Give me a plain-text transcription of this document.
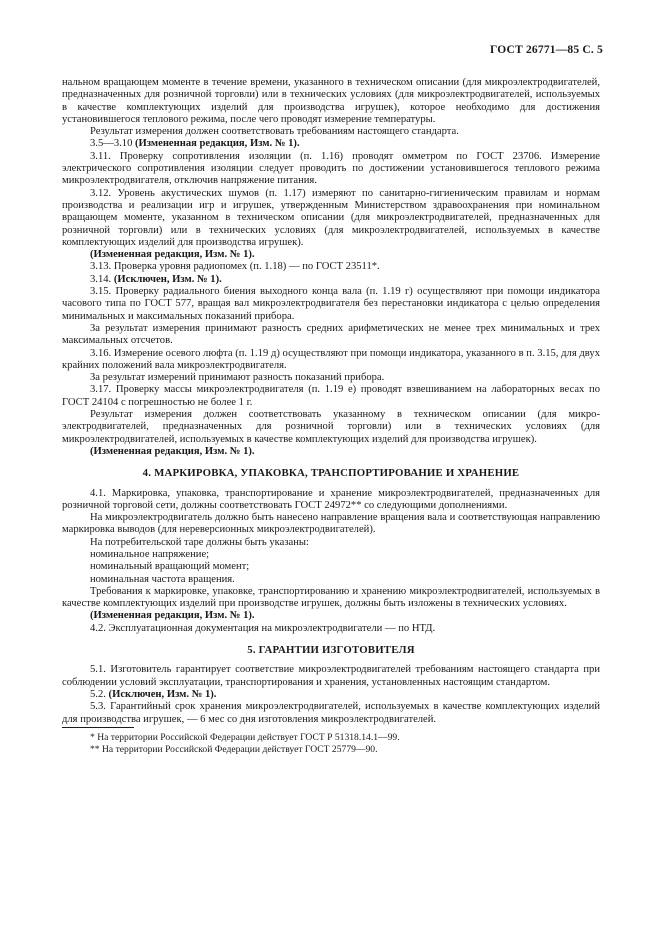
ГОСТ 26771—85 С. 5

нальном вращающем моменте в течение времени, указанного в техническом описании (для микроэлектродвигателей, предназначенных для розничной торговли) или в технических условиях (для микроэлектродвигателей, используемых в качестве комплектующих изделий для производства игрушек), которое необходимо для достижения установившегося теплового режима, после чего проводят измерение температуры.

Результат измерения должен соответствовать требованиям настоящего стандарта.

3.5—3.10 (Измененная редакция, Изм. № 1).

3.11. Проверку сопротивления изоляции (п. 1.16) проводят омметром по ГОСТ 23706. Измерение электрического сопротивления изоляции следует проводить по достижении установившегося теплового режима микроэлектродвигателя, отключив напряжение питания.

3.12. Уровень акустических шумов (п. 1.17) измеряют по санитарно-гигиеническим правилам и нормам производства и реализации игр и игрушек, утвержденным Министерством здравоохранения при номинальном вращающем моменте, указанном в техническом описании (для микроэлектродвигателей, предназначенных для розничной торговли) или в технических условиях (для микроэлектродвигателей, используемых в качестве комплектующих изделий для производства игрушек).

(Измененная редакция, Изм. № 1).

3.13. Проверка уровня радиопомех (п. 1.18) — по ГОСТ 23511*.

3.14. (Исключен, Изм. № 1).

3.15. Проверку радиального биения выходного конца вала (п. 1.19 г) осуществляют при помощи индикатора часового типа по ГОСТ 577, вращая вал микроэлектродвигателя без перестановки индикатора с целью определения минимальных и максимальных показаний прибора.

За результат измерения принимают разность средних арифметических не менее трех минимальных и трех максимальных отсчетов.

3.16. Измерение осевого люфта (п. 1.19 д) осуществляют при помощи индикатора, указанного в п. 3.15, для двух крайних положений вала микроэлектродвигателя.

За результат измерений принимают разность показаний прибора.

3.17. Проверку массы микроэлектродвигателя (п. 1.19 е) проводят взвешиванием на лабораторных весах по ГОСТ 24104 с погрешностью не более 1 г.

Результат измерения должен соответствовать указанному в техническом описании (для микроэлектродвигателей, предназначенных для розничной торговли) или в технических условиях (для микроэлектродвигателей, используемых в качестве комплектующих изделий для производства игрушек).

(Измененная редакция, Изм. № 1).

4. МАРКИРОВКА, УПАКОВКА, ТРАНСПОРТИРОВАНИЕ И ХРАНЕНИЕ

4.1. Маркировка, упаковка, транспортирование и хранение микроэлектродвигателей, предназначенных для розничной торговой сети, должны соответствовать ГОСТ 24972** со следующими дополнениями.

На микроэлектродвигатель должно быть нанесено направление вращения вала и соответствующая направлению маркировка выводов (для нереверсионных микроэлектродвигателей).

На потребительской таре должны быть указаны:

номинальное напряжение;

номинальный вращающий момент;

номинальная частота вращения.

Требования к маркировке, упаковке, транспортированию и хранению микроэлектродвигателей, используемых в качестве комплектующих изделий при производстве игрушек, должны быть изложены в технических условиях.

(Измененная редакция, Изм. № 1).

4.2. Эксплуатационная документация на микроэлектродвигатели — по НТД.

5. ГАРАНТИИ ИЗГОТОВИТЕЛЯ

5.1. Изготовитель гарантирует соответствие микроэлектродвигателей требованиям настоящего стандарта при соблюдении условий эксплуатации, транспортирования и хранения, установленных настоящим стандартом.

5.2. (Исключен, Изм. № 1).

5.3. Гарантийный срок хранения микроэлектродвигателей, используемых в качестве комплектующих изделий для производства игрушек, — 6 мес со дня изготовления микроэлектродвигателей.

* На территории Российской Федерации действует ГОСТ Р 51318.14.1—99.

** На территории Российской Федерации действует ГОСТ 25779—90.
